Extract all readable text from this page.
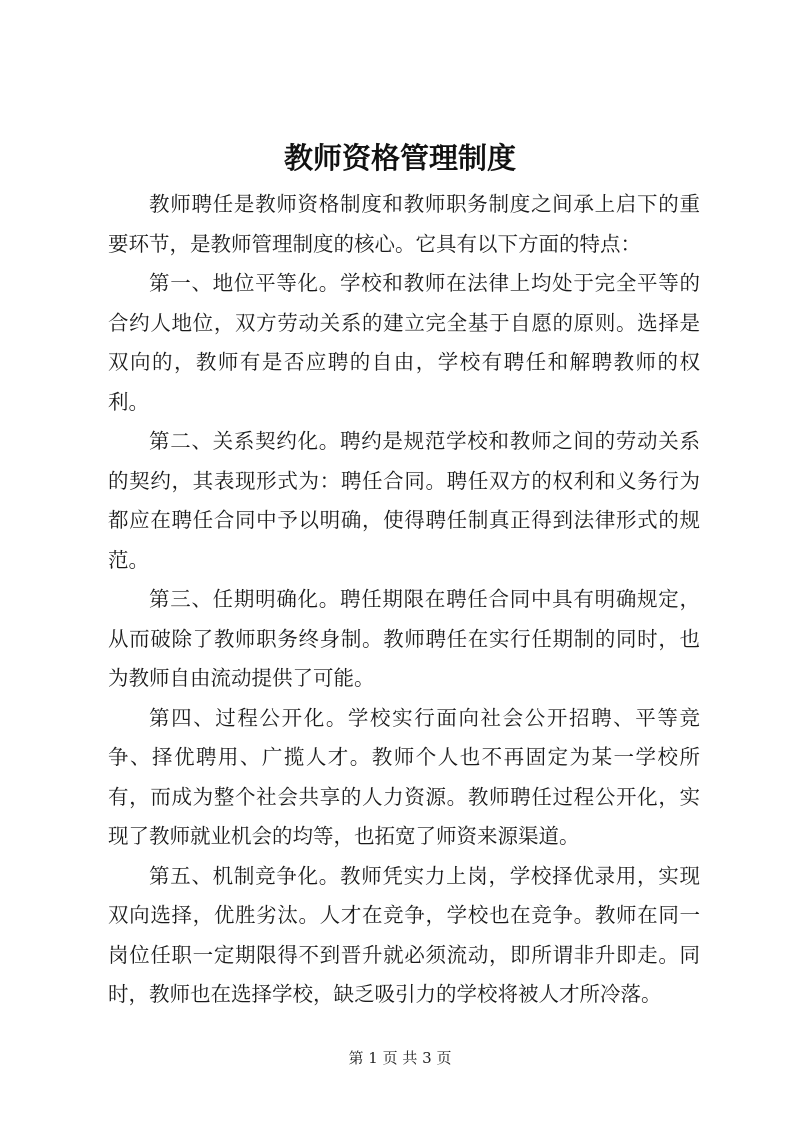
教师资格管理制度

教师聘任是教师资格制度和教师职务制度之间承上启下的重要环节，是教师管理制度的核心。它具有以下方面的特点：

第一、地位平等化。学校和教师在法律上均处于完全平等的合约人地位，双方劳动关系的建立完全基于自愿的原则。选择是双向的，教师有是否应聘的自由，学校有聘任和解聘教师的权利。

第二、关系契约化。聘约是规范学校和教师之间的劳动关系的契约，其表现形式为：聘任合同。聘任双方的权利和义务行为都应在聘任合同中予以明确，使得聘任制真正得到法律形式的规范。

第三、任期明确化。聘任期限在聘任合同中具有明确规定，从而破除了教师职务终身制。教师聘任在实行任期制的同时，也为教师自由流动提供了可能。

第四、过程公开化。学校实行面向社会公开招聘、平等竞争、择优聘用、广揽人才。教师个人也不再固定为某一学校所有，而成为整个社会共享的人力资源。教师聘任过程公开化，实现了教师就业机会的均等，也拓宽了师资来源渠道。

第五、机制竞争化。教师凭实力上岗，学校择优录用，实现双向选择，优胜劣汰。人才在竞争，学校也在竞争。教师在同一岗位任职一定期限得不到晋升就必须流动，即所谓非升即走。同时，教师也在选择学校，缺乏吸引力的学校将被人才所冷落。

第 1 页 共 3 页
